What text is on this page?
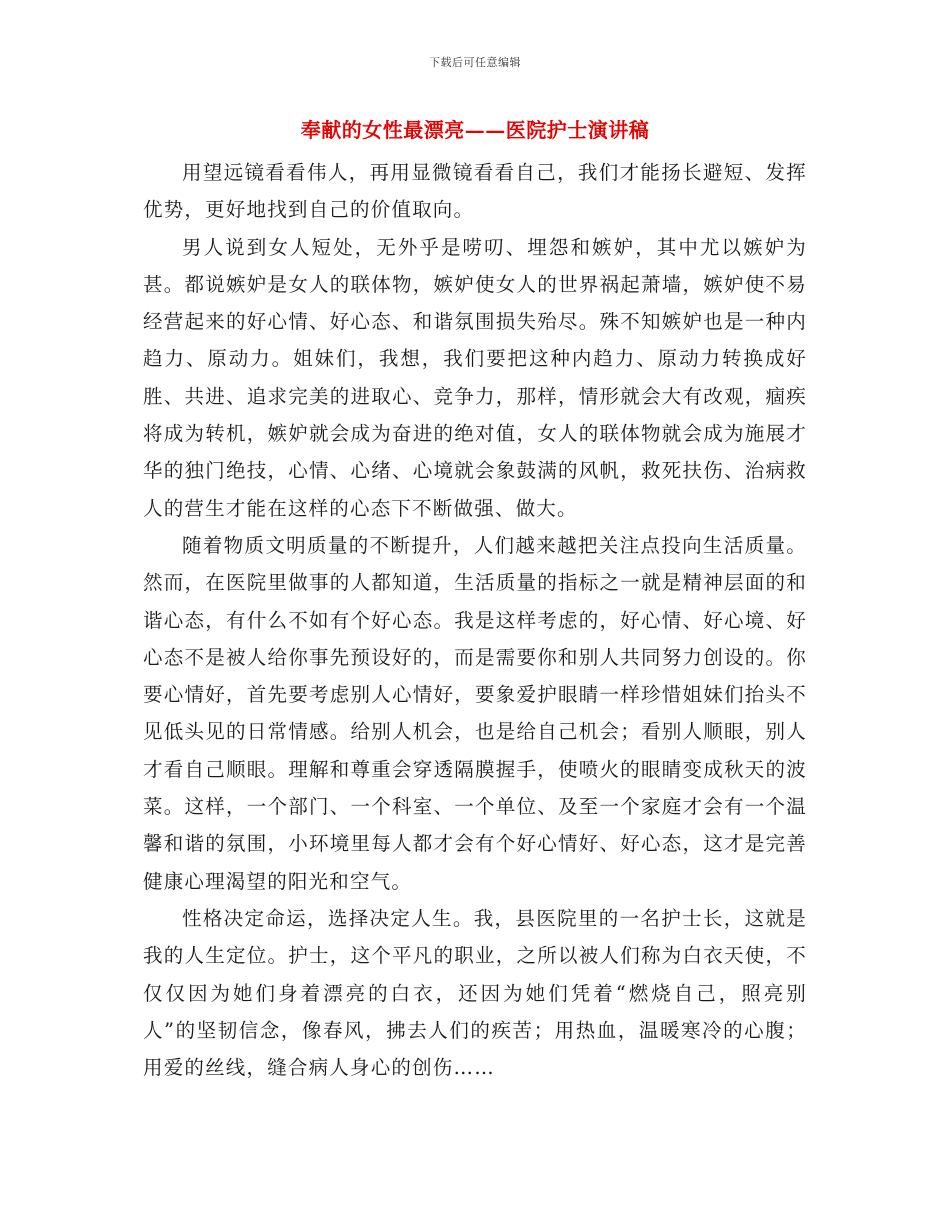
下载后可任意编辑
奉献的女性最漂亮——医院护士演讲稿

用望远镜看看伟人，再用显微镜看看自己，我们才能扬长避短、发挥优势，更好地找到自己的价值取向。

男人说到女人短处，无外乎是唠叨、埋怨和嫉妒，其中尤以嫉妒为甚。都说嫉妒是女人的联体物，嫉妒使女人的世界祸起萧墙，嫉妒使不易经营起来的好心情、好心态、和谐氛围损失殆尽。殊不知嫉妒也是一种内趋力、原动力。姐妹们，我想，我们要把这种内趋力、原动力转换成好胜、共进、追求完美的进取心、竞争力，那样，情形就会大有改观，痼疾将成为转机，嫉妒就会成为奋进的绝对值，女人的联体物就会成为施展才华的独门绝技，心情、心绪、心境就会象鼓满的风帆，救死扶伤、治病救人的营生才能在这样的心态下不断做强、做大。

随着物质文明质量的不断提升，人们越来越把关注点投向生活质量。然而，在医院里做事的人都知道，生活质量的指标之一就是精神层面的和谐心态，有什么不如有个好心态。我是这样考虑的，好心情、好心境、好心态不是被人给你事先预设好的，而是需要你和别人共同努力创设的。你要心情好，首先要考虑别人心情好，要象爱护眼睛一样珍惜姐妹们抬头不见低头见的日常情感。给别人机会，也是给自己机会；看别人顺眼，别人才看自己顺眼。理解和尊重会穿透隔膜握手，使喷火的眼睛变成秋天的波菜。这样，一个部门、一个科室、一个单位、及至一个家庭才会有一个温馨和谐的氛围，小环境里每人都才会有个好心情好、好心态，这才是完善健康心理渴望的阳光和空气。

性格决定命运，选择决定人生。我，县医院里的一名护士长，这就是我的人生定位。护士，这个平凡的职业，之所以被人们称为白衣天使，不仅仅因为她们身着漂亮的白衣，还因为她们凭着“燃烧自己，照亮别人”的坚韧信念，像春风，拂去人们的疾苦；用热血，温暖寒冷的心腹；用爱的丝线，缝合病人身心的创伤……
